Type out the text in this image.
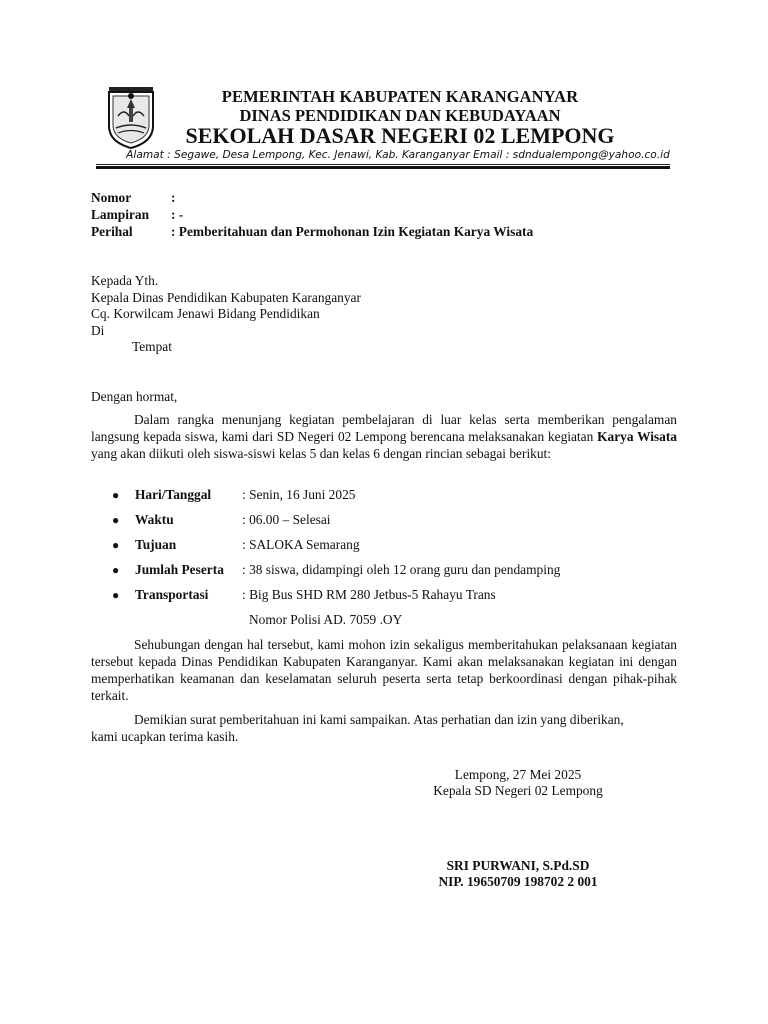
PEMERINTAH KABUPATEN KARANGANYAR
DINAS PENDIDIKAN DAN KEBUDAYAAN
SEKOLAH DASAR NEGERI 02 LEMPONG
Alamat : Segawe, Desa Lempong, Kec. Jenawi, Kab. Karanganyar Email : sdndualempong@yahoo.co.id
Nomor	:
Lampiran : -
Perihal	: Pemberitahuan dan Permohonan Izin Kegiatan Karya Wisata
Kepada Yth.
Kepala Dinas Pendidikan Kabupaten Karanganyar
Cq. Korwilcam Jenawi Bidang Pendidikan
Di
Tempat
Dengan hormat,
Dalam rangka menunjang kegiatan pembelajaran di luar kelas serta memberikan pengalaman langsung kepada siswa, kami dari SD Negeri 02 Lempong berencana melaksanakan kegiatan Karya Wisata yang akan diikuti oleh siswa-siswi kelas 5 dan kelas 6 dengan rincian sebagai berikut:
● Hari/Tanggal : Senin, 16 Juni 2025
● Waktu	: 06.00 – Selesai
● Tujuan	: SALOKA Semarang
● Jumlah Peserta : 38 siswa, didampingi oleh 12 orang guru dan pendamping
● Transportasi	: Big Bus SHD RM 280 Jetbus-5 Rahayu Trans
Nomor Polisi AD. 7059 .OY
Sehubungan dengan hal tersebut, kami mohon izin sekaligus memberitahukan pelaksanaan kegiatan tersebut kepada Dinas Pendidikan Kabupaten Karanganyar. Kami akan melaksanakan kegiatan ini dengan memperhatikan keamanan dan keselamatan seluruh peserta serta tetap berkoordinasi dengan pihak-pihak terkait.
Demikian surat pemberitahuan ini kami sampaikan. Atas perhatian dan izin yang diberikan, kami ucapkan terima kasih.
Lempong, 27 Mei 2025
Kepala SD Negeri 02 Lempong
SRI PURWANI, S.Pd.SD
NIP. 19650709 198702 2 001
